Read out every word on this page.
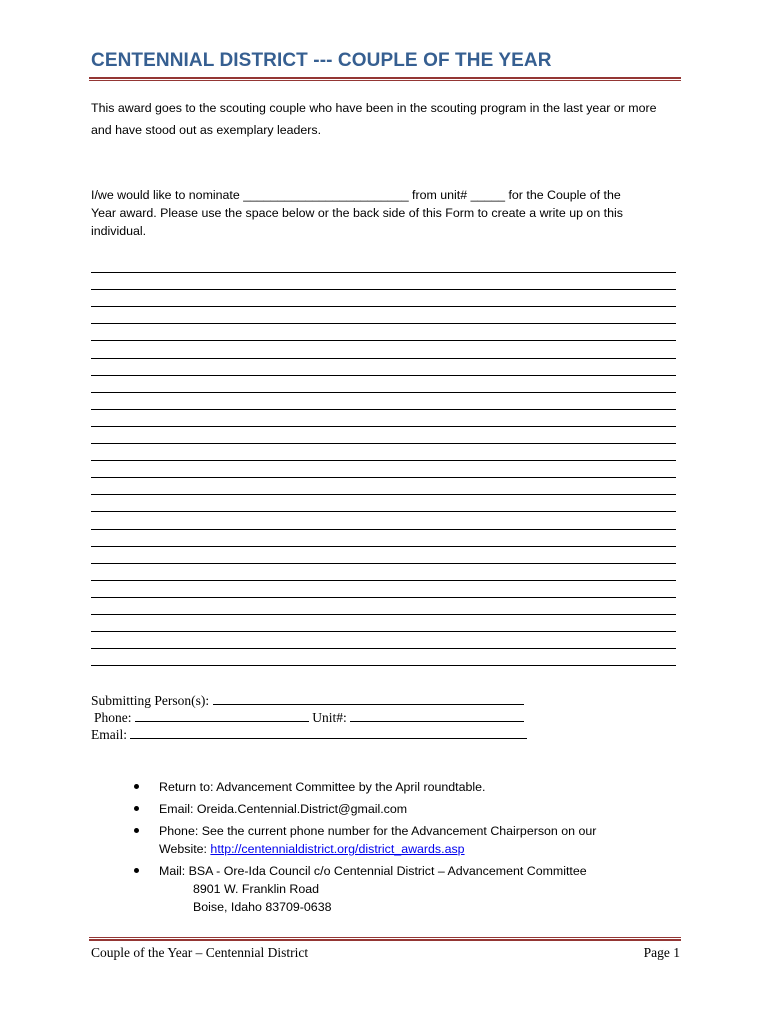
CENTENNIAL DISTRICT --- COUPLE OF THE YEAR
This award goes to the scouting couple who have been in the scouting program in the last year or more
and have stood out as exemplary leaders.
I/we would like to nominate ________________________ from unit# _____ for the Couple of the
Year award. Please use the space below or the back side of this Form to create a write up on this
individual.
Submitting Person(s):
Phone:	Unit#:
Email:
Return to: Advancement Committee by the April roundtable.
Email: Oreida.Centennial.District@gmail.com
Phone: See the current phone number for the Advancement Chairperson on our
Website: http://centennialdistrict.org/district_awards.asp
Mail: BSA - Ore-Ida Council c/o Centennial District – Advancement Committee
8901 W. Franklin Road
Boise, Idaho 83709-0638
Couple of the Year – Centennial District	Page 1
